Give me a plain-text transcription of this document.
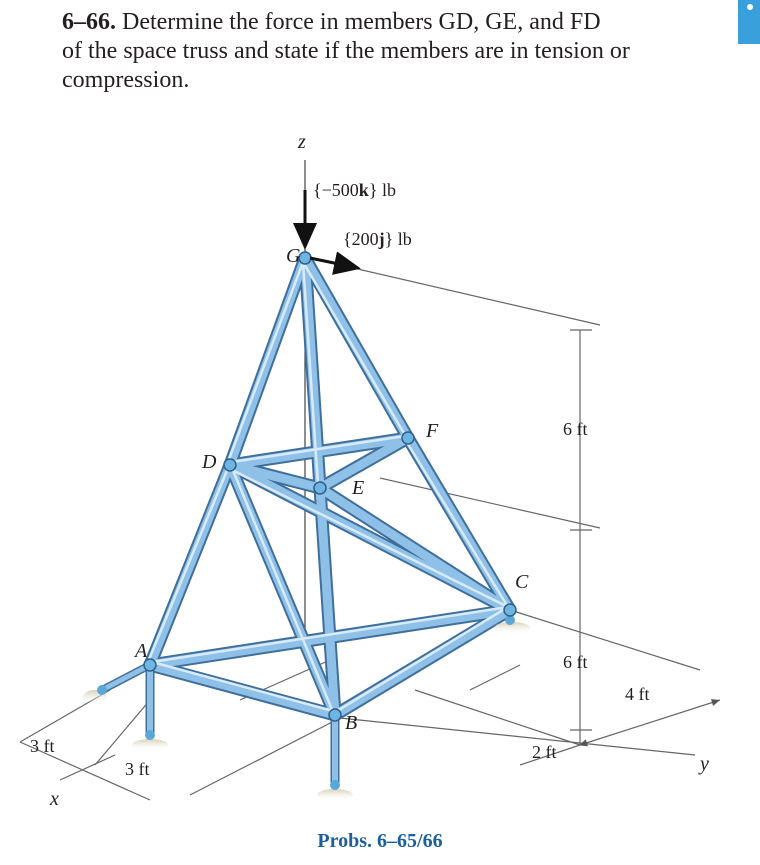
6–66. Determine the force in members GD, GE, and FD
of the space truss and state if the members are in tension or
compression.
z
{−500k} lb
{200j} lb
G
D
E
F
C
A
B
6 ft
6 ft
4 ft
2 ft
3 ft
3 ft
x
y
Probs. 6–65/66
